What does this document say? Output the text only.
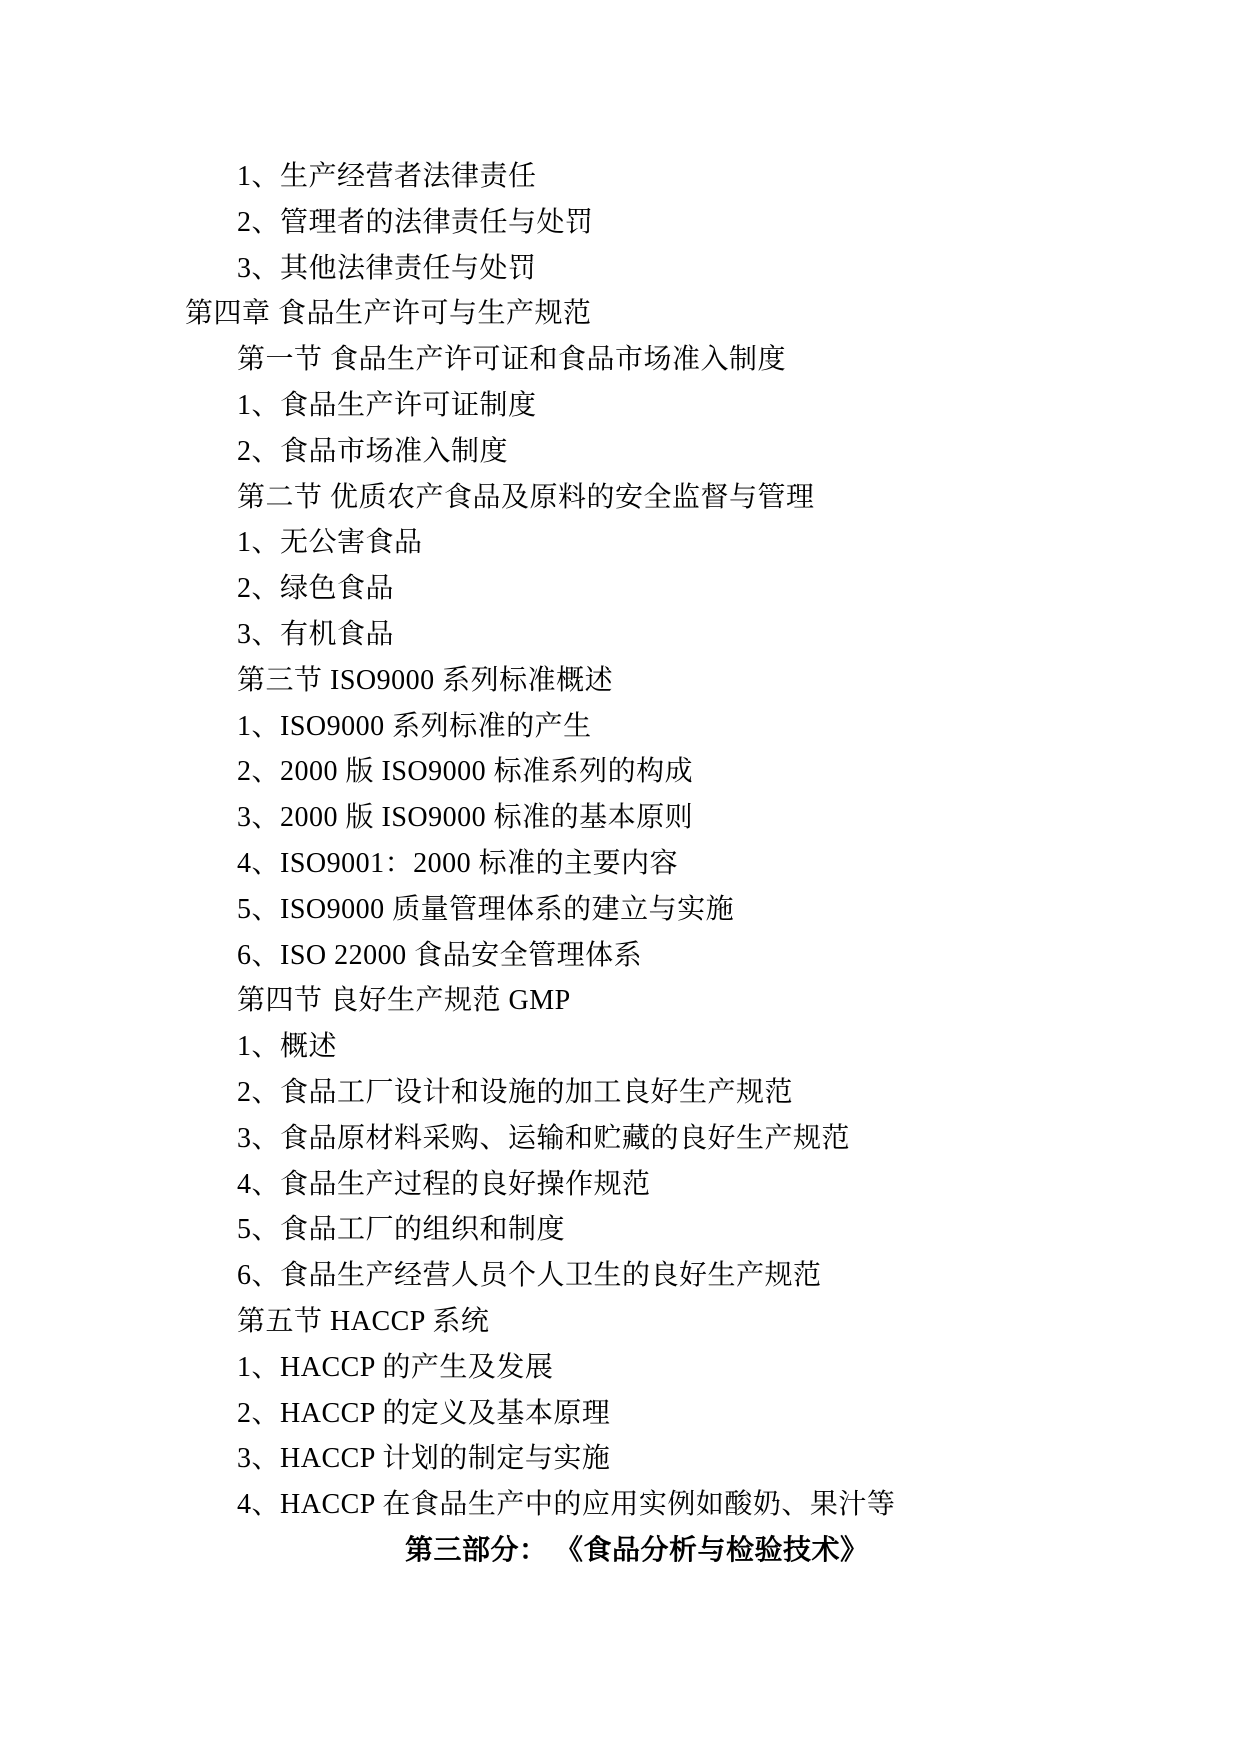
1、生产经营者法律责任
2、管理者的法律责任与处罚
3、其他法律责任与处罚
第四章 食品生产许可与生产规范
第一节 食品生产许可证和食品市场准入制度
1、食品生产许可证制度
2、食品市场准入制度
第二节 优质农产食品及原料的安全监督与管理
1、无公害食品
2、绿色食品
3、有机食品
第三节 ISO9000 系列标准概述
1、ISO9000 系列标准的产生
2、2000 版 ISO9000 标准系列的构成
3、2000 版 ISO9000 标准的基本原则
4、ISO9001：2000 标准的主要内容
5、ISO9000 质量管理体系的建立与实施
6、ISO 22000 食品安全管理体系
第四节 良好生产规范 GMP
1、概述
2、食品工厂设计和设施的加工良好生产规范
3、食品原材料采购、运输和贮藏的良好生产规范
4、食品生产过程的良好操作规范
5、食品工厂的组织和制度
6、食品生产经营人员个人卫生的良好生产规范
第五节 HACCP 系统
1、HACCP 的产生及发展
2、HACCP 的定义及基本原理
3、HACCP 计划的制定与实施
4、HACCP 在食品生产中的应用实例如酸奶、果汁等
第三部分： 《食品分析与检验技术》
